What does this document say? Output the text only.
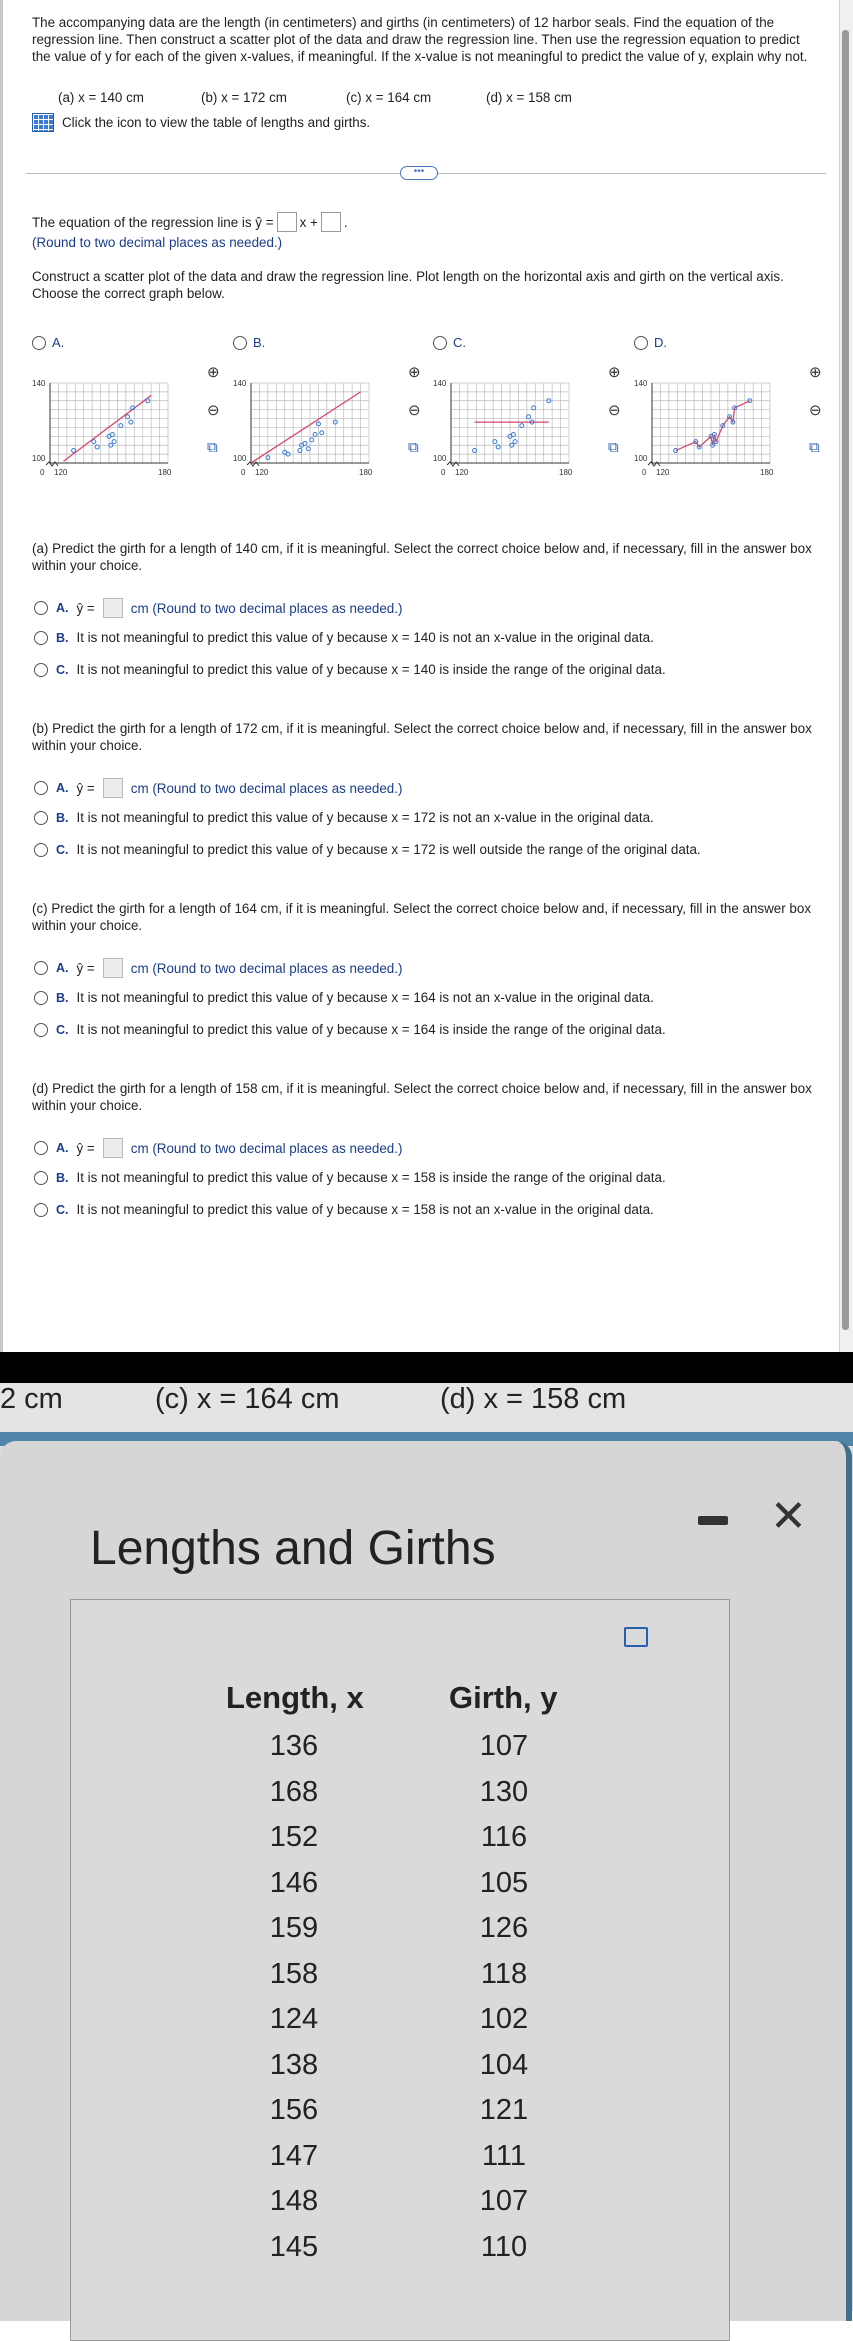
The accompanying data are the length (in centimeters) and girths (in centimeters) of 12 harbor seals. Find the equation of the regression line. Then construct a scatter plot of the data and draw the regression line. Then use the regression equation to predict the value of y for each of the given x-values, if meaningful. If the x-value is not meaningful to predict the value of y, explain why not.
(a) x = 140 cm	(b) x = 172 cm	(c) x = 164 cm	(d) x = 158 cm
Click the icon to view the table of lengths and girths.
•••
The equation of the regression line is ŷ = x + .
(Round to two decimal places as needed.)
Construct a scatter plot of the data and draw the regression line. Plot length on the horizontal axis and girth on the vertical axis. Choose the correct graph below.
A.
140
100
0 120	180
⊕
⊖
⧉
B.
140
100
0 120	180
⊕
⊖
⧉
C.
140
100
0 120	180
⊕
⊖
⧉
D.
140
100
0 120	180
⊕
⊖
⧉
(a) Predict the girth for a length of 140 cm, if it is meaningful. Select the correct choice below and, if necessary, fill in the answer box within your choice.
A. ŷ =	cm (Round to two decimal places as needed.)
B. It is not meaningful to predict this value of y because x = 140 is not an x-value in the original data.
C. It is not meaningful to predict this value of y because x = 140 is inside the range of the original data.
(b) Predict the girth for a length of 172 cm, if it is meaningful. Select the correct choice below and, if necessary, fill in the answer box within your choice.
A. ŷ =	cm (Round to two decimal places as needed.)
B. It is not meaningful to predict this value of y because x = 172 is not an x-value in the original data.
C. It is not meaningful to predict this value of y because x = 172 is well outside the range of the original data.
(c) Predict the girth for a length of 164 cm, if it is meaningful. Select the correct choice below and, if necessary, fill in the answer box within your choice.
A. ŷ =	cm (Round to two decimal places as needed.)
B. It is not meaningful to predict this value of y because x = 164 is not an x-value in the original data.
C. It is not meaningful to predict this value of y because x = 164 is inside the range of the original data.
(d) Predict the girth for a length of 158 cm, if it is meaningful. Select the correct choice below and, if necessary, fill in the answer box within your choice.
A. ŷ =	cm (Round to two decimal places as needed.)
B. It is not meaningful to predict this value of y because x = 158 is inside the range of the original data.
C. It is not meaningful to predict this value of y because x = 158 is not an x-value in the original data.
2 cm	(c) x = 164 cm	(d) x = 158 cm
✕
Lengths and Girths
Length, x	Girth, y
136	107
168	130
152	116
146	105
159	126
158	118
124	102
138	104
156	121
147	111
148	107
145	110
